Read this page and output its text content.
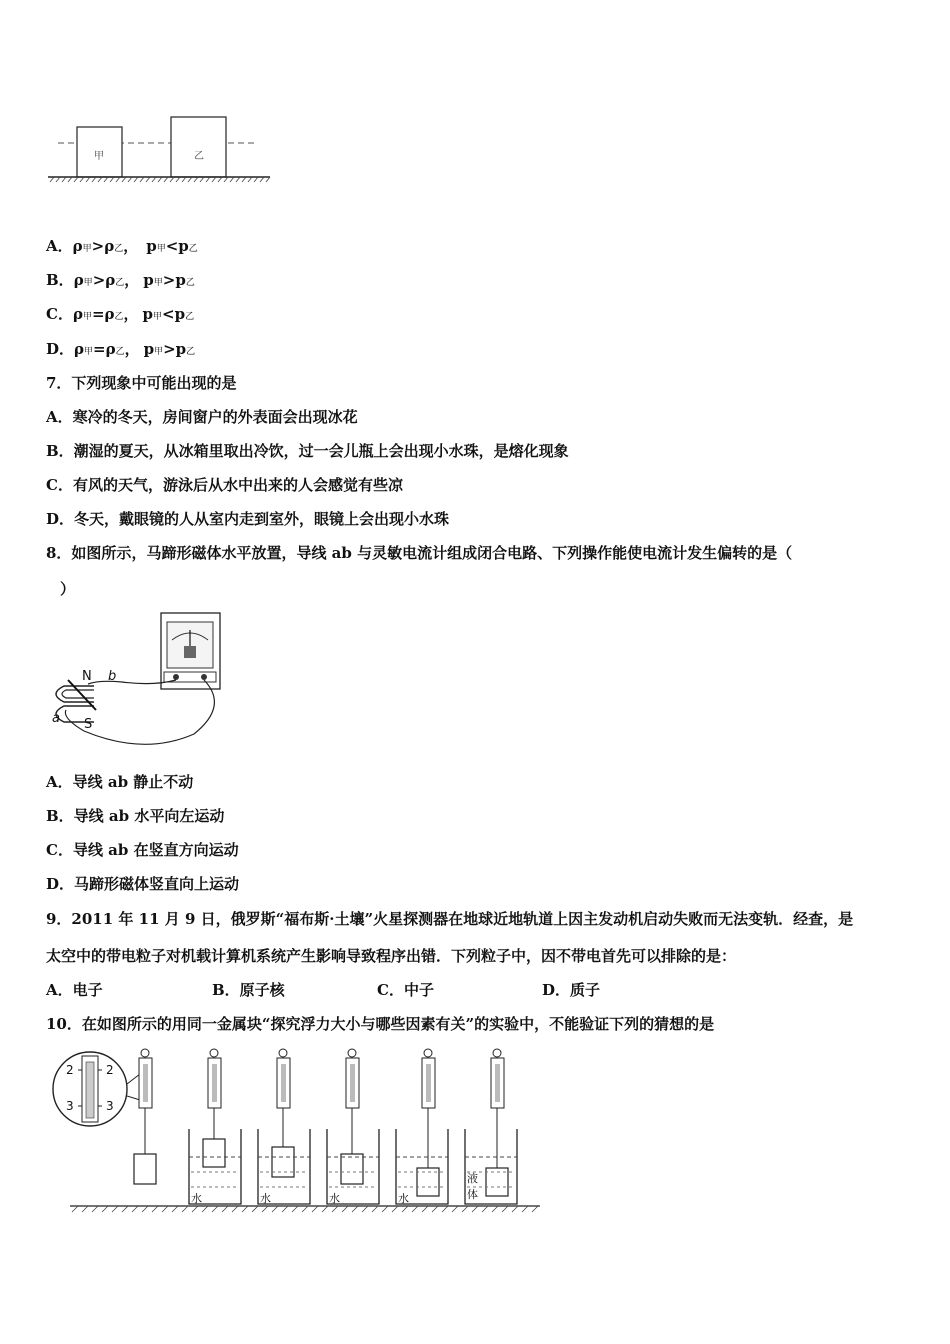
甲	乙
A．ρ甲>ρ乙， p甲<p乙
B．ρ甲>ρ乙， p甲>p乙
C．ρ甲=ρ乙， p甲<p乙
D．ρ甲=ρ乙， p甲>p乙
7．下列现象中可能出现的是
A．寒冷的冬天，房间窗户的外表面会出现冰花
B．潮湿的夏天，从冰箱里取出冷饮，过一会儿瓶上会出现小水珠，是熔化现象
C．有风的天气，游泳后从水中出来的人会感觉有些凉
D．冬天，戴眼镜的人从室内走到室外，眼镜上会出现小水珠
8．如图所示，马蹄形磁体水平放置，导线 ab 与灵敏电流计组成闭合电路、下列操作能使电流计发生偏转的是（
）
N
S
a
b
A．导线 ab 静止不动
B．导线 ab 水平向左运动
C．导线 ab 在竖直方向运动
D．马蹄形磁体竖直向上运动
9．2011 年 11 月 9 日，俄罗斯“福布斯·土壤”火星探测器在地球近地轨道上因主发动机启动失败而无法变轨．经查，是
太空中的带电粒子对机载计算机系统产生影响导致程序出错．下列粒子中，因不带电首先可以排除的是：
A．电子	B．原子核	C．中子	D．质子
10．在如图所示的用同一金属块“探究浮力大小与哪些因素有关”的实验中，不能验证下列的猜想的是
2	2
3	3
水	水	水	水
液
体
